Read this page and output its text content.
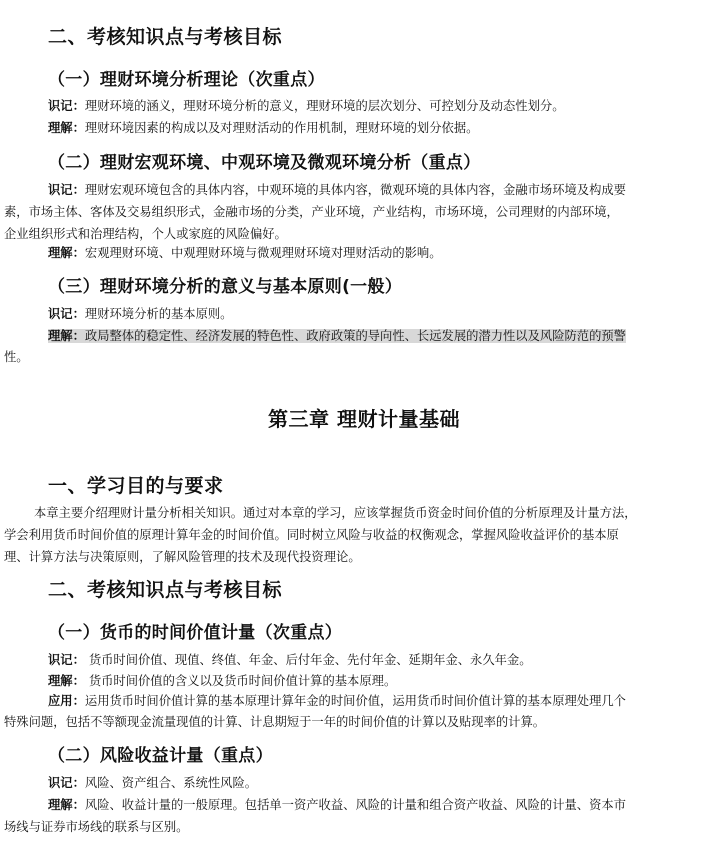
二、考核知识点与考核目标
（一）理财环境分析理论（次重点）

识记：理财环境的涵义，理财环境分析的意义，理财环境的层次划分、可控划分及动态性划分。

理解：理财环境因素的构成以及对理财活动的作用机制，理财环境的划分依据。

（二）理财宏观环境、中观环境及微观环境分析（重点）

识记：理财宏观环境包含的具体内容，中观环境的具体内容，微观环境的具体内容，金融市场环境及构成要

素，市场主体、客体及交易组织形式，金融市场的分类，产业环境，产业结构，市场环境，公司理财的内部环境，

企业组织形式和治理结构，个人或家庭的风险偏好。

理解：宏观理财环境、中观理财环境与微观理财环境对理财活动的影响。

（三）理财环境分析的意义与基本原则(一般）

识记：理财环境分析的基本原则。

理解：政局整体的稳定性、经济发展的特色性、政府政策的导向性、长远发展的潜力性以及风险防范的预警

性。

第三章 理财计量基础
一、学习目的与要求

本章主要介绍理财计量分析相关知识。通过对本章的学习，应该掌握货币资金时间价值的分析原理及计量方法，

学会利用货币时间价值的原理计算年金的时间价值。同时树立风险与收益的权衡观念，掌握风险收益评价的基本原

理、计算方法与决策原则，了解风险管理的技术及现代投资理论。

二、考核知识点与考核目标
（一）货币的时间价值计量（次重点）

识记： 货币时间价值、现值、终值、年金、后付年金、先付年金、延期年金、永久年金。

理解： 货币时间价值的含义以及货币时间价值计算的基本原理。

应用：运用货币时间价值计算的基本原理计算年金的时间价值，运用货币时间价值计算的基本原理处理几个

特殊问题，包括不等额现金流量现值的计算、计息期短于一年的时间价值的计算以及贴现率的计算。

（二）风险收益计量（重点）

识记：风险、资产组合、系统性风险。

理解：风险、收益计量的一般原理。包括单一资产收益、风险的计量和组合资产收益、风险的计量、资本市

场线与证券市场线的联系与区别。
